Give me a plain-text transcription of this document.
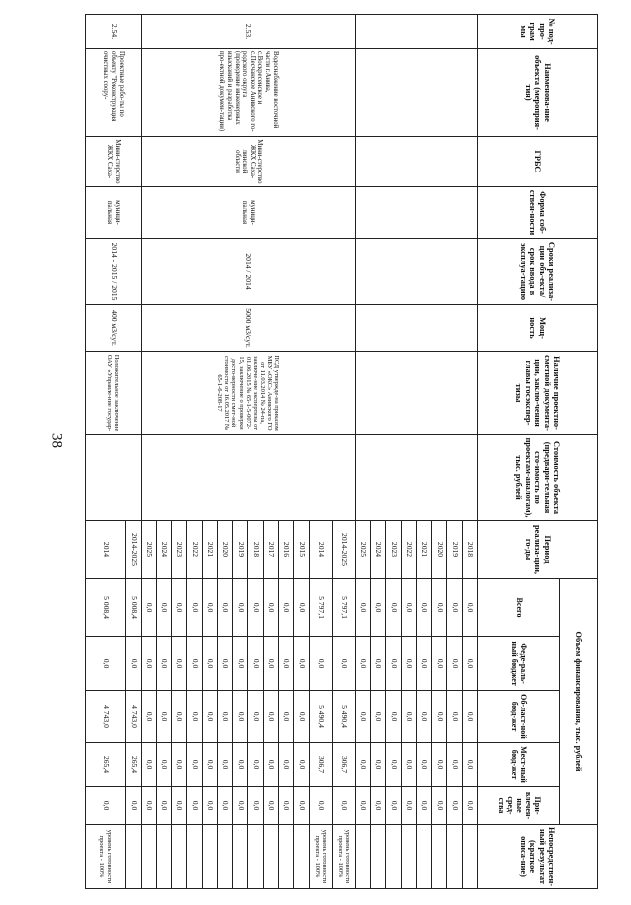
38
№ под-про-грам мы	Наименова-ние объекта (мероприя-тия)	ГРБС	Форма соб-ствен-ности	Сроки реализа-ции объ-екта/срок ввода в эксплуа-тацию	Мощ-ность	Наличие проектно-сметной документа-ции, заклю-чения главы госэкспер-тизы	Стоимость объекта (предвари-тельная сто-имость по проектам-аналогам), тыс. рублей	Период реализа-ции, го-ды	Объем финансирования, тыс. рублей					Непосредствен-ный результат (краткое описа-ние)
									Всего	Феде-раль-ный бюджет	Об-ласт-ной бюд-жет	Мест-ный бюд-жет	При-влечен-ные сред-ства	
								2018	0,0	0,0	0,0	0,0	0,0	
								2019	0,0	0,0	0,0	0,0	0,0	
								2020	0,0	0,0	0,0	0,0	0,0	
								2021	0,0	0,0	0,0	0,0	0,0	
								2022	0,0	0,0	0,0	0,0	0,0	
								2023	0,0	0,0	0,0	0,0	0,0	
								2024	0,0	0,0	0,0	0,0	0,0	
								2025	0,0	0,0	0,0	0,0	0,0	
2.53.	Водоснабжение восточной части г.Анива, с.Воскресенское и с.Песчанское Анивского го-родского округа (проведение инженерных изысканий и разработка про-ектной докумен-тации)	Мини-стерство ЖКХ Саха-линской области	муници-пальная	2014 / 2014	5000 м3/сут.	ПСД утвержде-на приказом МБУ «ОКС» Анивского ГО от 11.03.2014 № 24-па, заключе-ние экспертизы от 01.06.2015 № 65-1-5-0072-15, заключение о проверки досто-верности смет-ной стоимости от 16.05.2017 № 65-1-6-208-17		2014-2025	5 797,1	0,0	5 490,4	306,7	0,0	уровень готовности проекта - 100%
								2014	5 797,1	0,0	5 490,4	306,7	0,0	уровень готовности проекта - 100%
								2015	0,0	0,0	0,0	0,0	0,0	
								2016	0,0	0,0	0,0	0,0	0,0	
								2017	0,0	0,0	0,0	0,0	0,0	
								2018	0,0	0,0	0,0	0,0	0,0	
								2019	0,0	0,0	0,0	0,0	0,0	
								2020	0,0	0,0	0,0	0,0	0,0	
								2021	0,0	0,0	0,0	0,0	0,0	
								2022	0,0	0,0	0,0	0,0	0,0	
								2023	0,0	0,0	0,0	0,0	0,0	
								2024	0,0	0,0	0,0	0,0	0,0	
								2025	0,0	0,0	0,0	0,0	0,0	
2.54.	Проектные рабо-ты по объекту "Реконструкция очистных соору-	Мини-стерство ЖКХ Саха-	муници-пальная	2014 - 2015 / 2015	400 м3/сут.	Положительное заключение ОАУ «Управле-ние государ-		2014-2025	5 008,4	0,0	4 743,0	265,4	0,0	
								2014	5 008,4	0,0	4 743,0	265,4	0,0	уровень готовности проекта - 100%
